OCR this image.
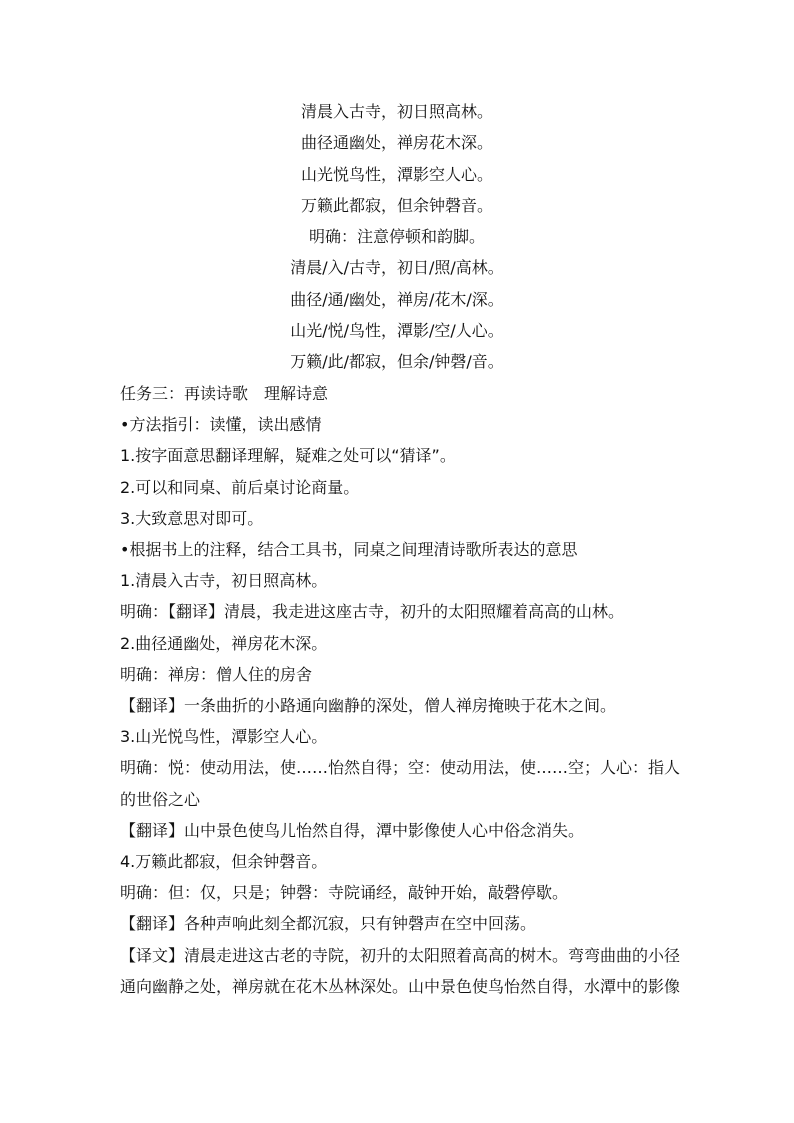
清晨入古寺，初日照高林。
曲径通幽处，禅房花木深。
山光悦鸟性，潭影空人心。
万籁此都寂，但余钟磬音。
明确：注意停顿和韵脚。
清晨/入/古寺，初日/照/高林。
曲径/通/幽处，禅房/花木/深。
山光/悦/鸟性，潭影/空/人心。
万籁/此/都寂，但余/钟磬/音。
任务三：再读诗歌　理解诗意
•方法指引：读懂，读出感情
1.按字面意思翻译理解，疑难之处可以“猜译”。
2.可以和同桌、前后桌讨论商量。
3.大致意思对即可。
•根据书上的注释，结合工具书，同桌之间理清诗歌所表达的意思
1.清晨入古寺，初日照高林。
明确：【翻译】清晨，我走进这座古寺，初升的太阳照耀着高高的山林。
2.曲径通幽处，禅房花木深。
明确：禅房：僧人住的房舍
【翻译】一条曲折的小路通向幽静的深处，僧人禅房掩映于花木之间。
3.山光悦鸟性，潭影空人心。
明确：悦：使动用法，使……怡然自得；空：使动用法，使……空；人心：指人的世俗之心
【翻译】山中景色使鸟儿怡然自得，潭中影像使人心中俗念消失。
4.万籁此都寂，但余钟磬音。
明确：但：仅，只是；钟磬：寺院诵经，敲钟开始，敲磬停歇。
【翻译】各种声响此刻全都沉寂，只有钟磬声在空中回荡。
【译文】清晨走进这古老的寺院，初升的太阳照着高高的树木。弯弯曲曲的小径通向幽静之处，禅房就在花木丛林深处。山中景色使鸟怡然自得，水潭中的影像
